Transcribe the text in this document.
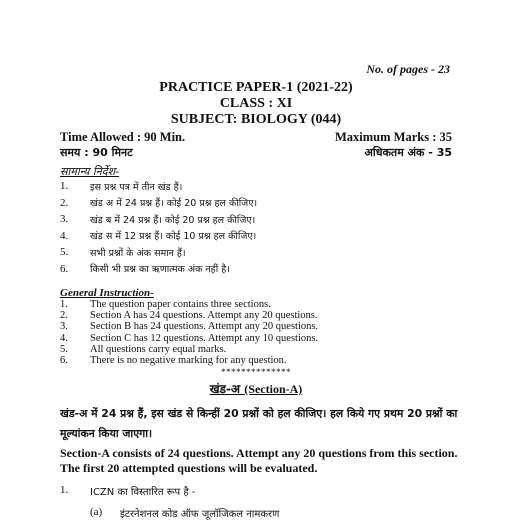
No. of pages - 23
PRACTICE PAPER-1 (2021-22)
CLASS : XI
SUBJECT: BIOLOGY (044)
Time Allowed : 90 Min.	Maximum Marks : 35
समय : 90 मिनट	अधिकतम अंक - 35
सामान्य निर्देश-
1.	इस प्रश्न पत्र में तीन खंड हैं।
2.	खंड अ में 24 प्रश्न हैं। कोई 20 प्रश्न हल कीजिए।
3.	खंड ब में 24 प्रश्न हैं। कोई 20 प्रश्न हल कीजिए।
4.	खंड स में 12 प्रश्न हैं। कोई 10 प्रश्न हल कीजिए।
5.	सभी प्रश्नों के अंक समान हैं।
6.	किसी भी प्रश्न का ऋणात्मक अंक नहीं है।
General Instruction-
1.	The question paper contains three sections.
2.	Section A has 24 questions. Attempt any 20 questions.
3.	Section B has 24 questions. Attempt any 20 questions.
4.	Section C has 12 questions. Attempt any 10 questions.
5.	All questions carry equal marks.
6.	There is no negative marking for any question.
**************
खंड-अ (Section-A)
खंड-अ में 24 प्रश्न हैं, इस खंड से किन्हीं 20 प्रश्नों को हल कीजिए। हल किये गए प्रथम 20 प्रश्नों का मूल्यांकन किया जाएगा।
Section-A consists of 24 questions. Attempt any 20 questions from this section. The first 20 attempted questions will be evaluated.
1.	ICZN का विस्तारित रूप है -
(a)	इंटरनेशनल कोड ऑफ जूलॉजिकल नामकरण
